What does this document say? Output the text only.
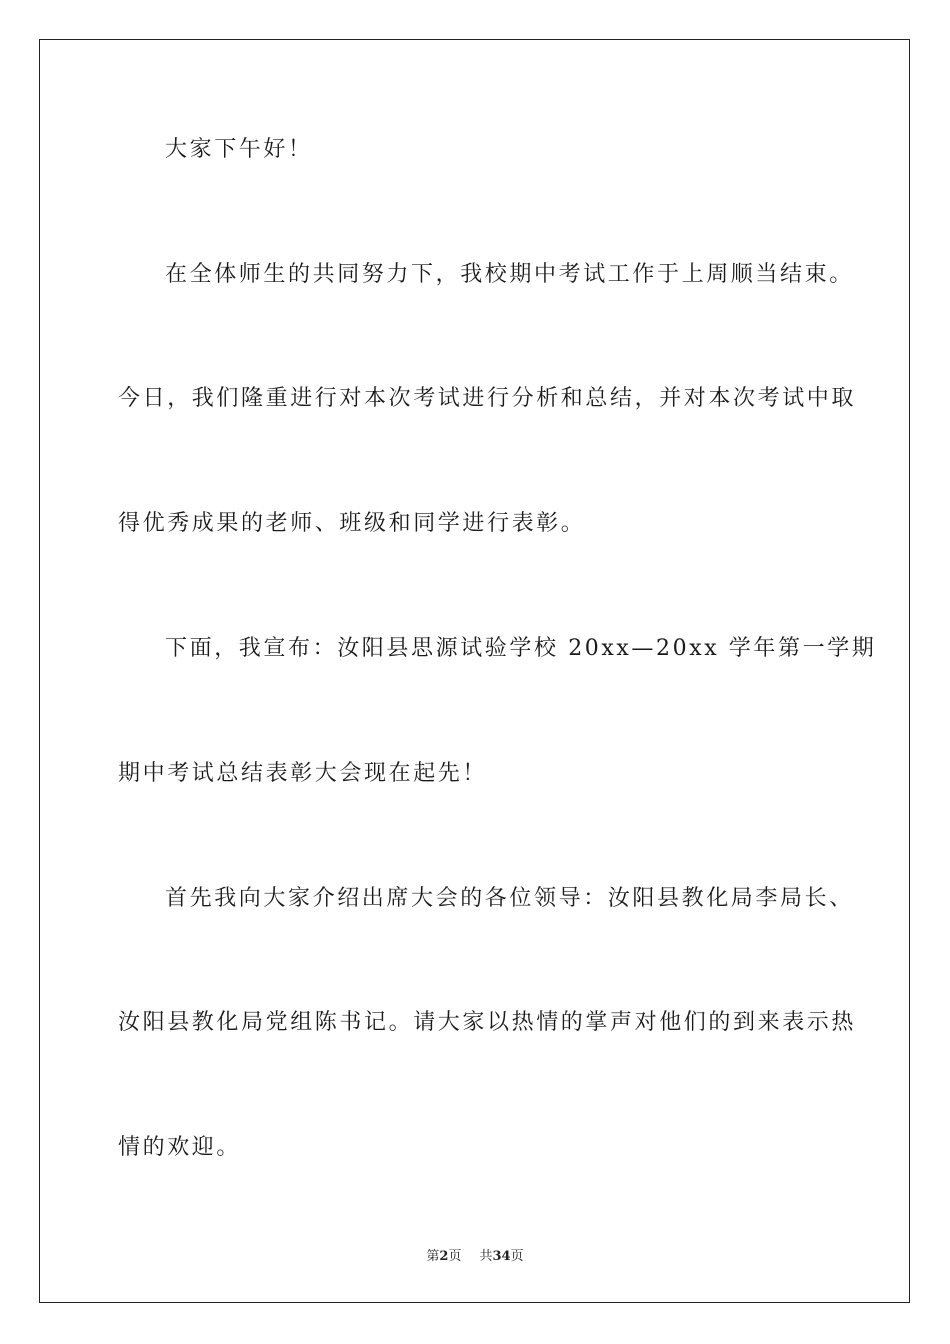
大家下午好！
在全体师生的共同努力下，我校期中考试工作于上周顺当结束。
今日，我们隆重进行对本次考试进行分析和总结，并对本次考试中取
得优秀成果的老师、班级和同学进行表彰。
下面，我宣布：汝阳县思源试验学校 20xx—20xx 学年第一学期
期中考试总结表彰大会现在起先！
首先我向大家介绍出席大会的各位领导：汝阳县教化局李局长、
汝阳县教化局党组陈书记。请大家以热情的掌声对他们的到来表示热
情的欢迎。
第2页 共34页
